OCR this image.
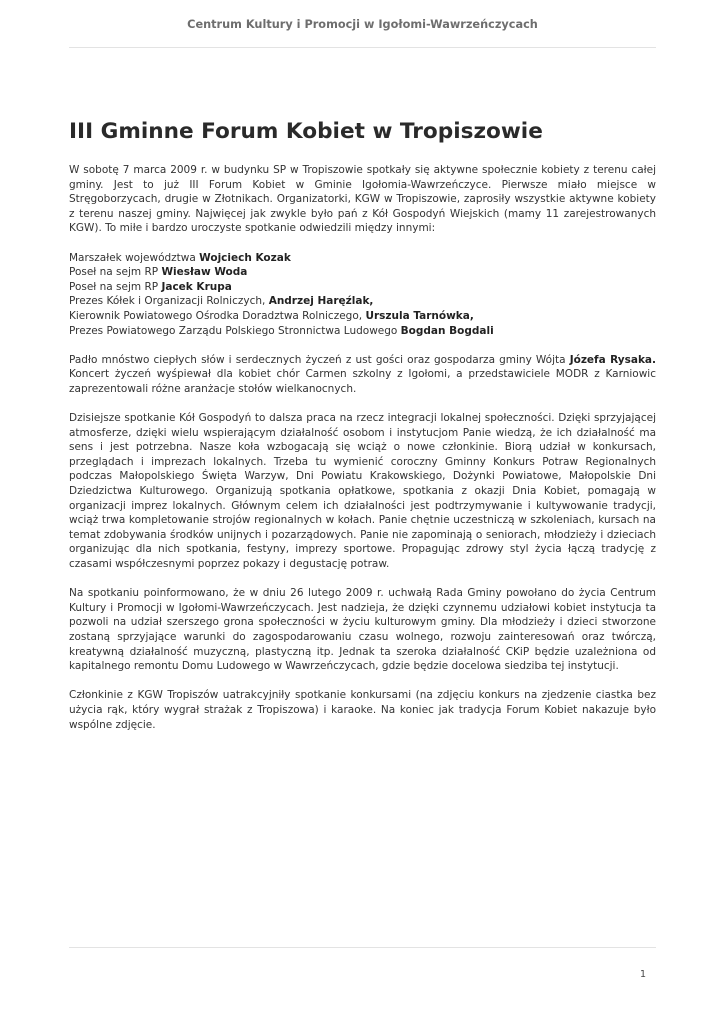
Centrum Kultury i Promocji w Igołomi-Wawrzeńczycach
III Gminne Forum Kobiet w Tropiszowie

W sobotę 7 marca 2009 r. w budynku SP w Tropiszowie spotkały się aktywne społecznie kobiety z terenu całej gminy. Jest to już III Forum Kobiet w Gminie Igołomia-Wawrzeńczyce. Pierwsze miało miejsce w Stręgoborzycach, drugie w Złotnikach. Organizatorki, KGW w Tropiszowie, zaprosiły wszystkie aktywne kobiety z terenu naszej gminy. Najwięcej jak zwykle było pań z Kół Gospodyń Wiejskich (mamy 11 zarejestrowanych KGW). To miłe i bardzo uroczyste spotkanie odwiedzili między innymi:

Marszałek województwa Wojciech Kozak
Poseł na sejm RP Wiesław Woda
Poseł na sejm RP Jacek Krupa
Prezes Kółek i Organizacji Rolniczych, Andrzej Haręźlak,
Kierownik Powiatowego Ośrodka Doradztwa Rolniczego, Urszula Tarnówka,
Prezes Powiatowego Zarządu Polskiego Stronnictwa Ludowego Bogdan Bogdali

Padło mnóstwo ciepłych słów i serdecznych życzeń z ust gości oraz gospodarza gminy Wójta Józefa Rysaka. Koncert życzeń wyśpiewał dla kobiet chór Carmen szkolny z Igołomi, a przedstawiciele MODR z Karniowic zaprezentowali różne aranżacje stołów wielkanocnych.

Dzisiejsze spotkanie Kół Gospodyń to dalsza praca na rzecz integracji lokalnej społeczności. Dzięki sprzyjającej atmosferze, dzięki wielu wspierającym działalność osobom i instytucjom Panie wiedzą, że ich działalność ma sens i jest potrzebna. Nasze koła wzbogacają się wciąż o nowe członkinie. Biorą udział w konkursach, przeglądach i imprezach lokalnych. Trzeba tu wymienić coroczny Gminny Konkurs Potraw Regionalnych podczas Małopolskiego Święta Warzyw, Dni Powiatu Krakowskiego, Dożynki Powiatowe, Małopolskie Dni Dziedzictwa Kulturowego. Organizują spotkania opłatkowe, spotkania z okazji Dnia Kobiet, pomagają w organizacji imprez lokalnych. Głównym celem ich działalności jest podtrzymywanie i kultywowanie tradycji, wciąż trwa kompletowanie strojów regionalnych w kołach. Panie chętnie uczestniczą w szkoleniach, kursach na temat zdobywania środków unijnych i pozarządowych. Panie nie zapominają o seniorach, młodzieży i dzieciach organizując dla nich spotkania, festyny, imprezy sportowe. Propagując zdrowy styl życia łączą tradycję z czasami współczesnymi poprzez pokazy i degustację potraw.

Na spotkaniu poinformowano, że w dniu 26 lutego 2009 r. uchwałą Rada Gminy powołano do życia Centrum Kultury i Promocji w Igołomi-Wawrzeńczycach. Jest nadzieja, że dzięki czynnemu udziałowi kobiet instytucja ta pozwoli na udział szerszego grona społeczności w życiu kulturowym gminy. Dla młodzieży i dzieci stworzone zostaną sprzyjające warunki do zagospodarowaniu czasu wolnego, rozwoju zainteresowań oraz twórczą, kreatywną działalność muzyczną, plastyczną itp. Jednak ta szeroka działalność CKiP będzie uzależniona od kapitalnego remontu Domu Ludowego w Wawrzeńczycach, gdzie będzie docelowa siedziba tej instytucji.

Członkinie z KGW Tropiszów uatrakcyjniły spotkanie konkursami (na zdjęciu konkurs na zjedzenie ciastka bez użycia rąk, który wygrał strażak z Tropiszowa) i karaoke. Na koniec jak tradycja Forum Kobiet nakazuje było wspólne zdjęcie.

1
